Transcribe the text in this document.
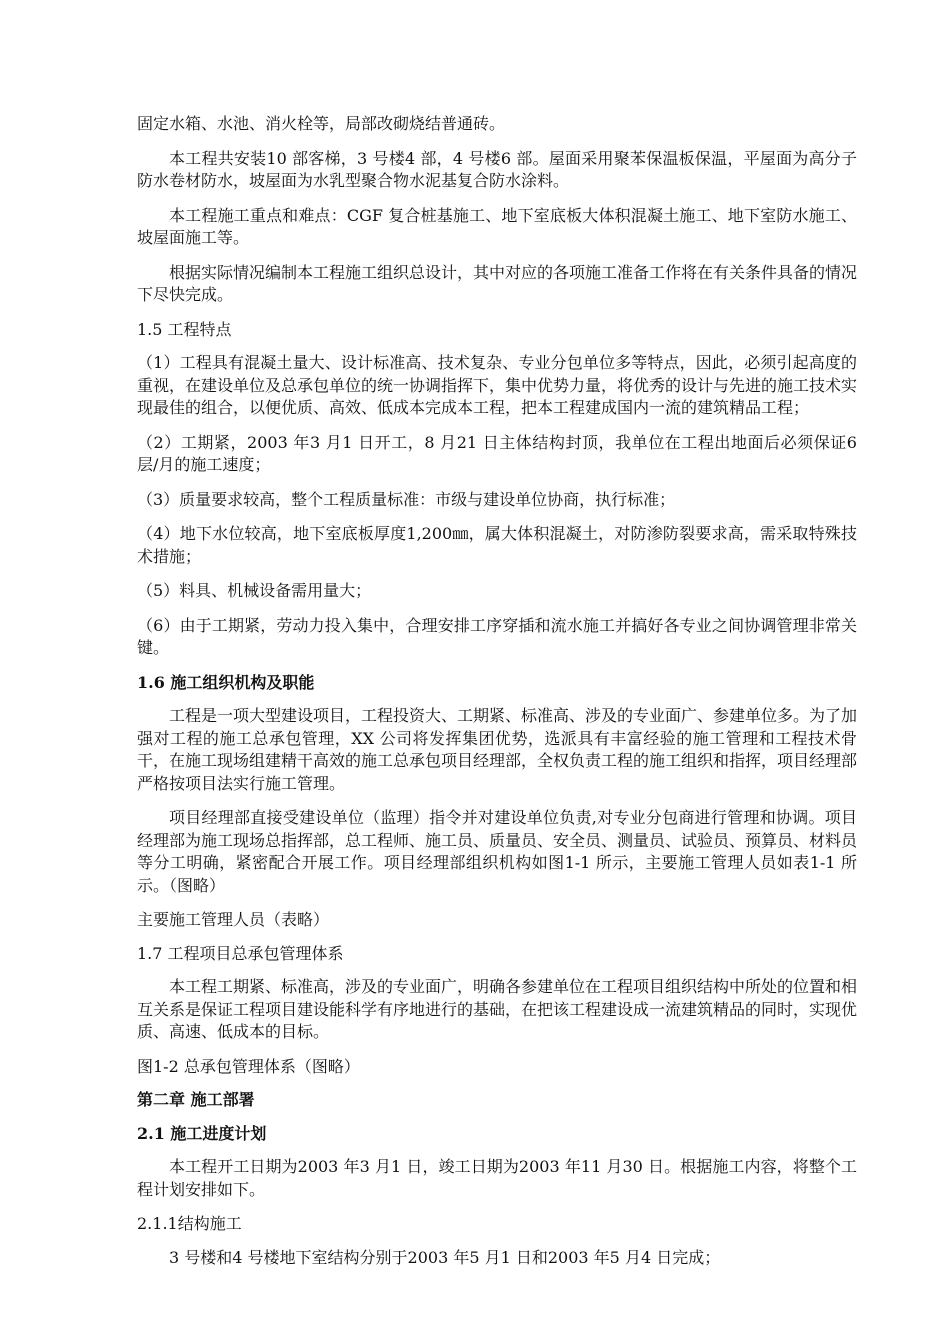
固定水箱、水池、消火栓等，局部改砌烧结普通砖。

本工程共安装10 部客梯，3 号楼4 部，4 号楼6 部。屋面采用聚苯保温板保温，平屋面为高分子防水卷材防水，坡屋面为水乳型聚合物水泥基复合防水涂料。

本工程施工重点和难点：CGF 复合桩基施工、地下室底板大体积混凝土施工、地下室防水施工、坡屋面施工等。

根据实际情况编制本工程施工组织总设计，其中对应的各项施工准备工作将在有关条件具备的情况下尽快完成。

1.5 工程特点

（1）工程具有混凝土量大、设计标准高、技术复杂、专业分包单位多等特点，因此，必须引起高度的重视，在建设单位及总承包单位的统一协调指挥下，集中优势力量，将优秀的设计与先进的施工技术实现最佳的组合，以便优质、高效、低成本完成本工程，把本工程建成国内一流的建筑精品工程；

（2）工期紧，2003 年3 月1 日开工，8 月21 日主体结构封顶，我单位在工程出地面后必须保证6 层/月的施工速度；

（3）质量要求较高，整个工程质量标准：市级与建设单位协商，执行标准；

（4）地下水位较高，地下室底板厚度1,200㎜，属大体积混凝土，对防渗防裂要求高，需采取特殊技术措施；

（5）料具、机械设备需用量大；

（6）由于工期紧，劳动力投入集中，合理安排工序穿插和流水施工并搞好各专业之间协调管理非常关键。

1.6 施工组织机构及职能

工程是一项大型建设项目，工程投资大、工期紧、标准高、涉及的专业面广、参建单位多。为了加强对工程的施工总承包管理，XX 公司将发挥集团优势，选派具有丰富经验的施工管理和工程技术骨干，在施工现场组建精干高效的施工总承包项目经理部，全权负责工程的施工组织和指挥，项目经理部严格按项目法实行施工管理。

项目经理部直接受建设单位（监理）指令并对建设单位负责,对专业分包商进行管理和协调。项目经理部为施工现场总指挥部，总工程师、施工员、质量员、安全员、测量员、试验员、预算员、材料员等分工明确，紧密配合开展工作。项目经理部组织机构如图1-1 所示，主要施工管理人员如表1-1 所示。（图略）

主要施工管理人员（表略）

1.7 工程项目总承包管理体系

本工程工期紧、标准高，涉及的专业面广，明确各参建单位在工程项目组织结构中所处的位置和相互关系是保证工程项目建设能科学有序地进行的基础，在把该工程建设成一流建筑精品的同时，实现优质、高速、低成本的目标。

图1-2 总承包管理体系（图略）

第二章 施工部署

2.1 施工进度计划

本工程开工日期为2003 年3 月1 日，竣工日期为2003 年11 月30 日。根据施工内容，将整个工程计划安排如下。

2.1.1结构施工

3 号楼和4 号楼地下室结构分别于2003 年5 月1 日和2003 年5 月4 日完成；
